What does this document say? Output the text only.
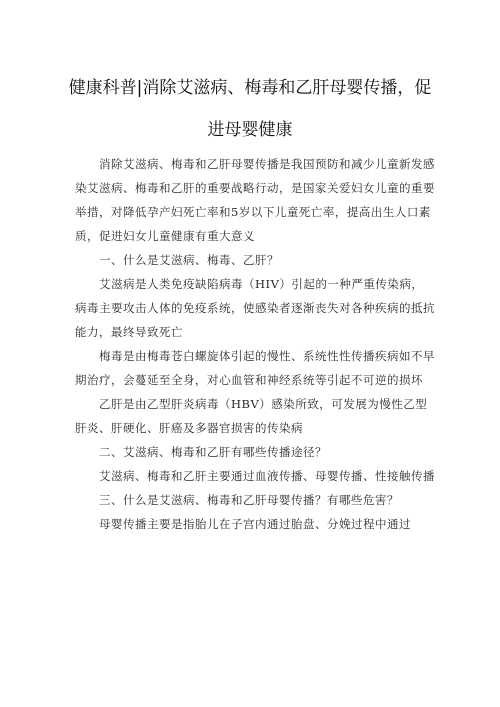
健康科普|消除艾滋病、梅毒和乙肝母婴传播，促
进母婴健康

消除艾滋病、梅毒和乙肝母婴传播是我国预防和减少儿童新发感染艾滋病、梅毒和乙肝的重要战略行动，是国家关爱妇女儿童的重要举措，对降低孕产妇死亡率和5岁以下儿童死亡率，提高出生人口素质，促进妇女儿童健康有重大意义

一、什么是艾滋病、梅毒、乙肝？

艾滋病是人类免疫缺陷病毒（HIV）引起的一种严重传染病，病毒主要攻击人体的免疫系统，使感染者逐渐丧失对各种疾病的抵抗能力，最终导致死亡

梅毒是由梅毒苍白螺旋体引起的慢性、系统性性传播疾病如不早期治疗，会蔓延至全身，对心血管和神经系统等引起不可逆的损坏

乙肝是由乙型肝炎病毒（HBV）感染所致，可发展为慢性乙型肝炎、肝硬化、肝癌及多器官损害的传染病

二、艾滋病、梅毒和乙肝有哪些传播途径？

艾滋病、梅毒和乙肝主要通过血液传播、母婴传播、性接触传播

三、什么是艾滋病、梅毒和乙肝母婴传播？有哪些危害？

母婴传播主要是指胎儿在子宫内通过胎盘、分娩过程中通过
